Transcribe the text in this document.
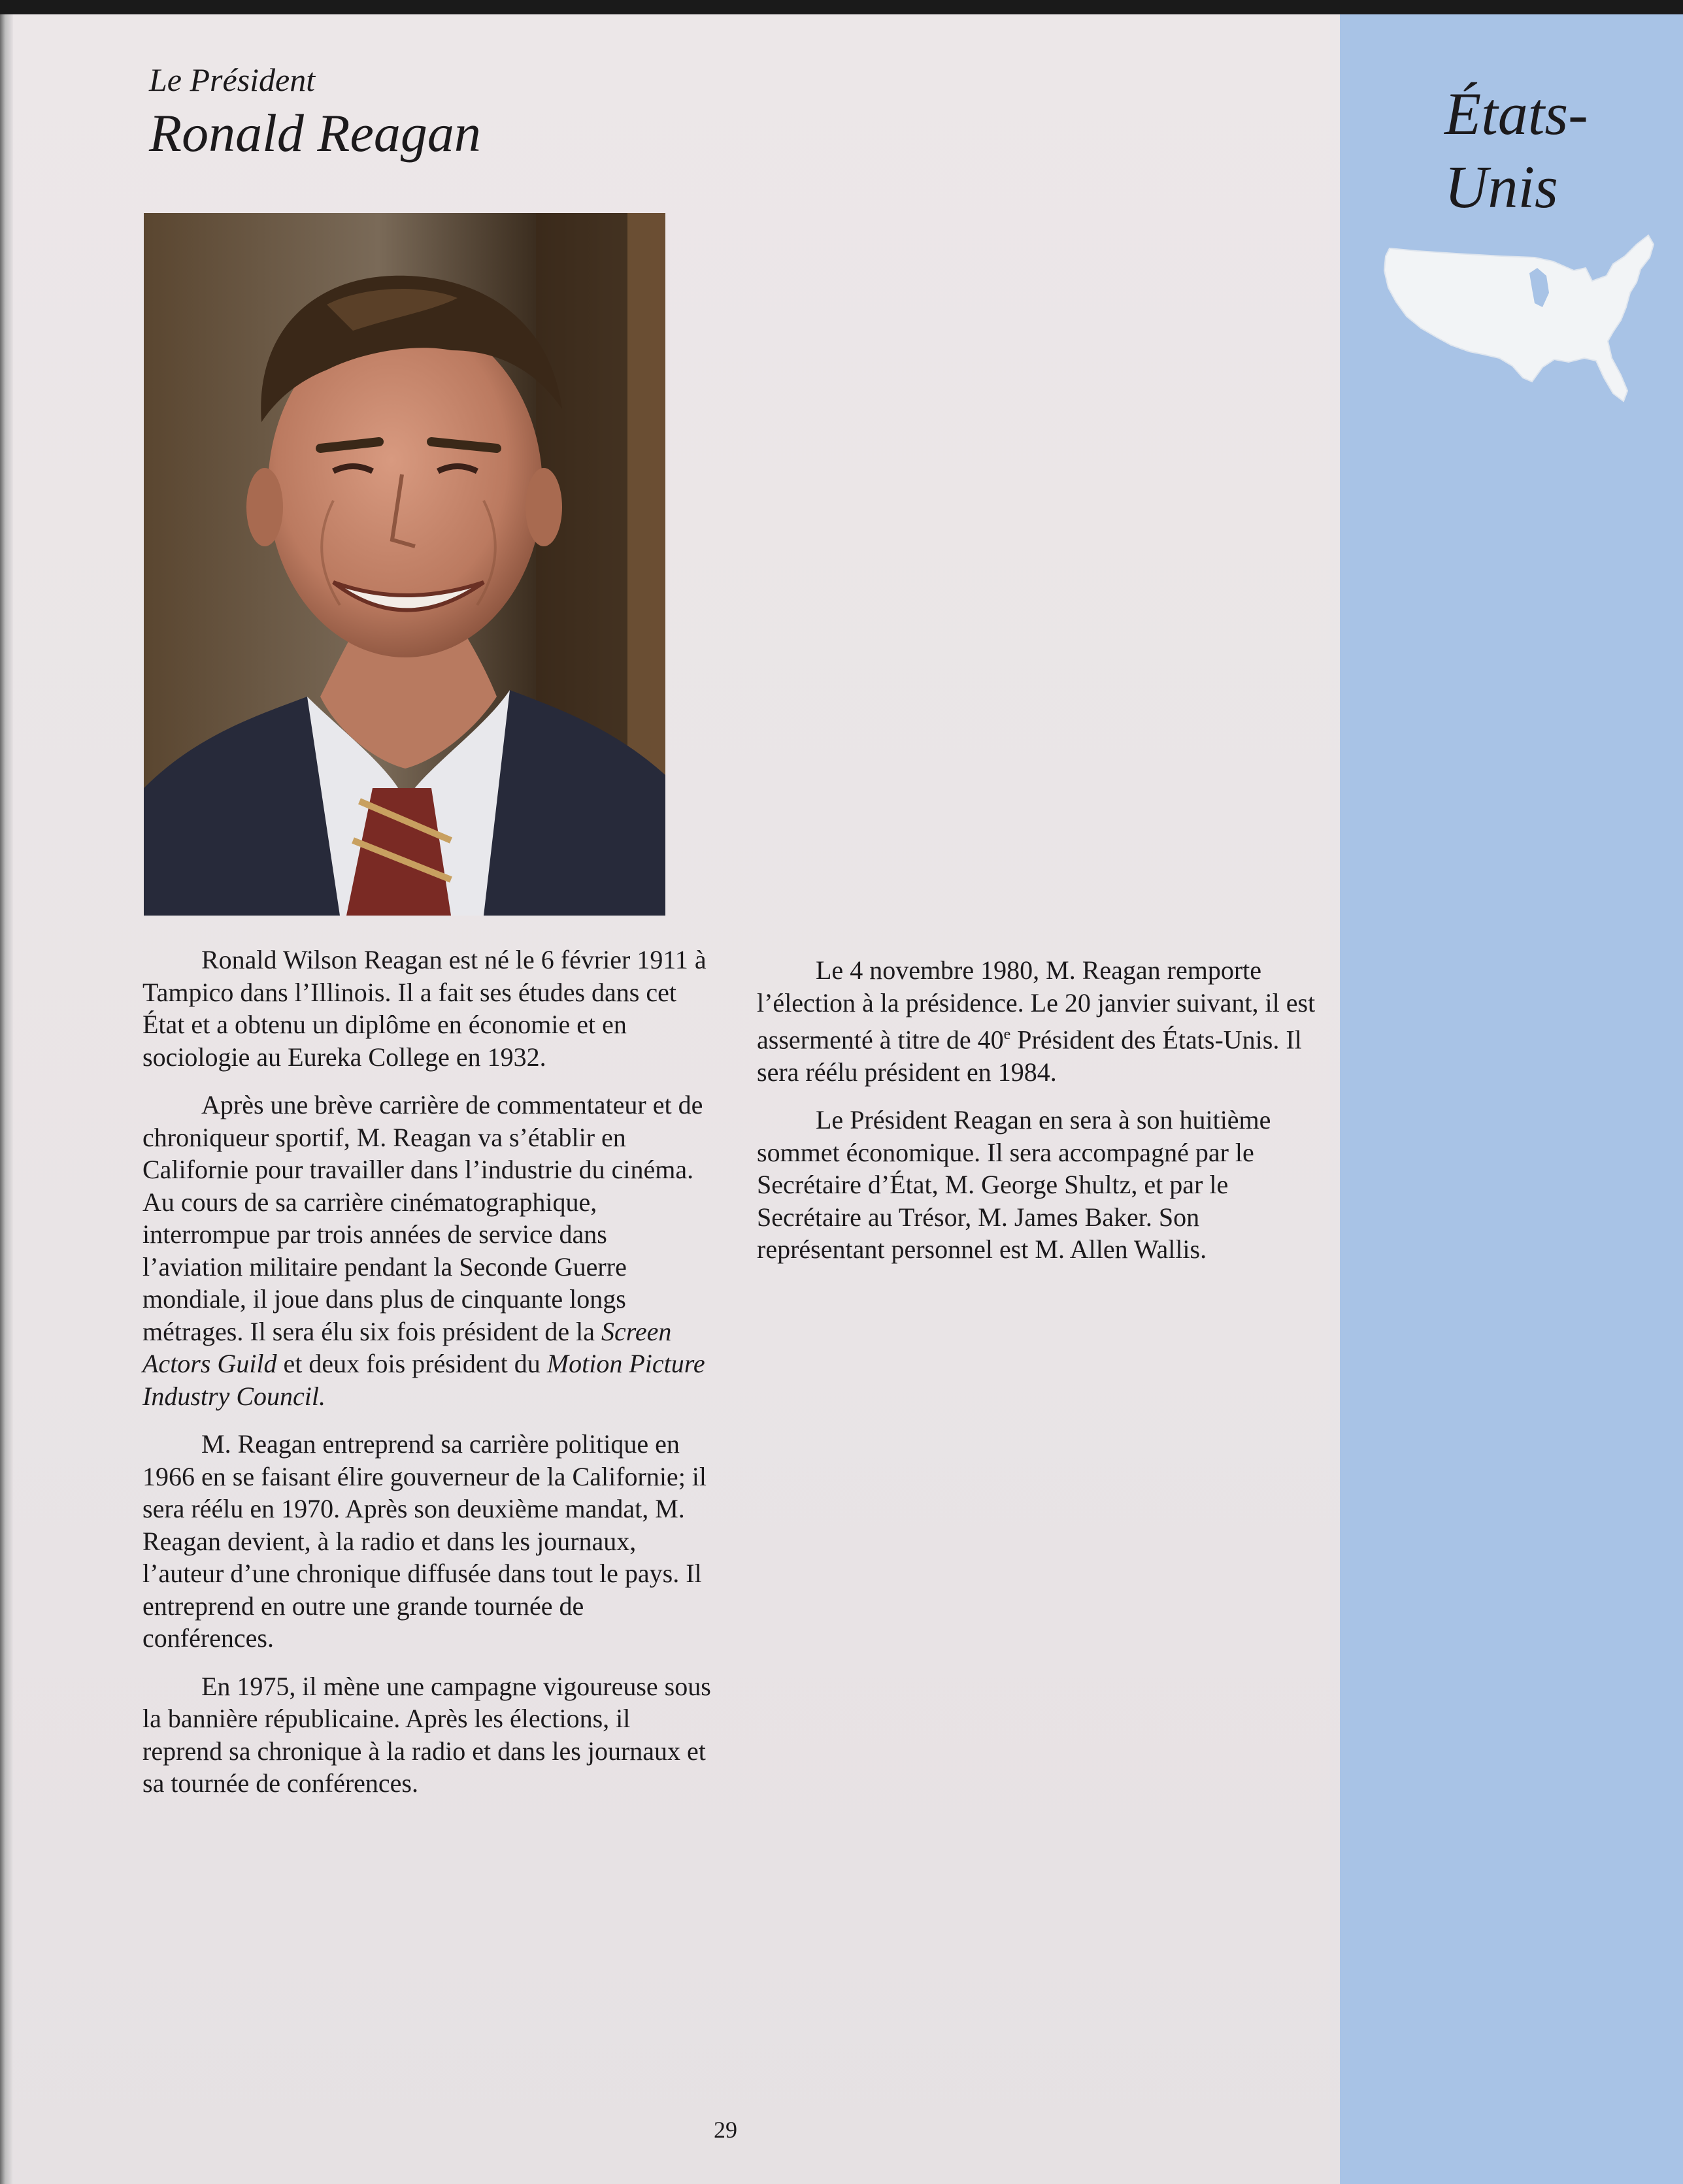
États-Unis
Le Président
Ronald Reagan

Ronald Wilson Reagan est né le 6 février 1911 à Tampico dans l’Illinois. Il a fait ses études dans cet État et a obtenu un diplôme en économie et en sociologie au Eureka College en 1932.

Après une brève carrière de commentateur et de chroniqueur sportif, M. Reagan va s’établir en Californie pour travailler dans l’industrie du cinéma. Au cours de sa carrière cinématographique, interrompue par trois années de service dans l’aviation militaire pendant la Seconde Guerre mondiale, il joue dans plus de cinquante longs métrages. Il sera élu six fois président de la Screen Actors Guild et deux fois président du Motion Picture Industry Council.

M. Reagan entreprend sa carrière politique en 1966 en se faisant élire gouverneur de la Californie; il sera réélu en 1970. Après son deuxième mandat, M. Reagan devient, à la radio et dans les journaux, l’auteur d’une chronique diffusée dans tout le pays. Il entreprend en outre une grande tournée de conférences.

En 1975, il mène une campagne vigoureuse sous la bannière républicaine. Après les élections, il reprend sa chronique à la radio et dans les journaux et sa tournée de conférences.

Le 4 novembre 1980, M. Reagan remporte l’élection à la présidence. Le 20 janvier suivant, il est assermenté à titre de 40e Président des États-Unis. Il sera réélu président en 1984.

Le Président Reagan en sera à son huitième sommet économique. Il sera accompagné par le Secrétaire d’État, M. George Shultz, et par le Secrétaire au Trésor, M. James Baker. Son représentant personnel est M. Allen Wallis.

29
